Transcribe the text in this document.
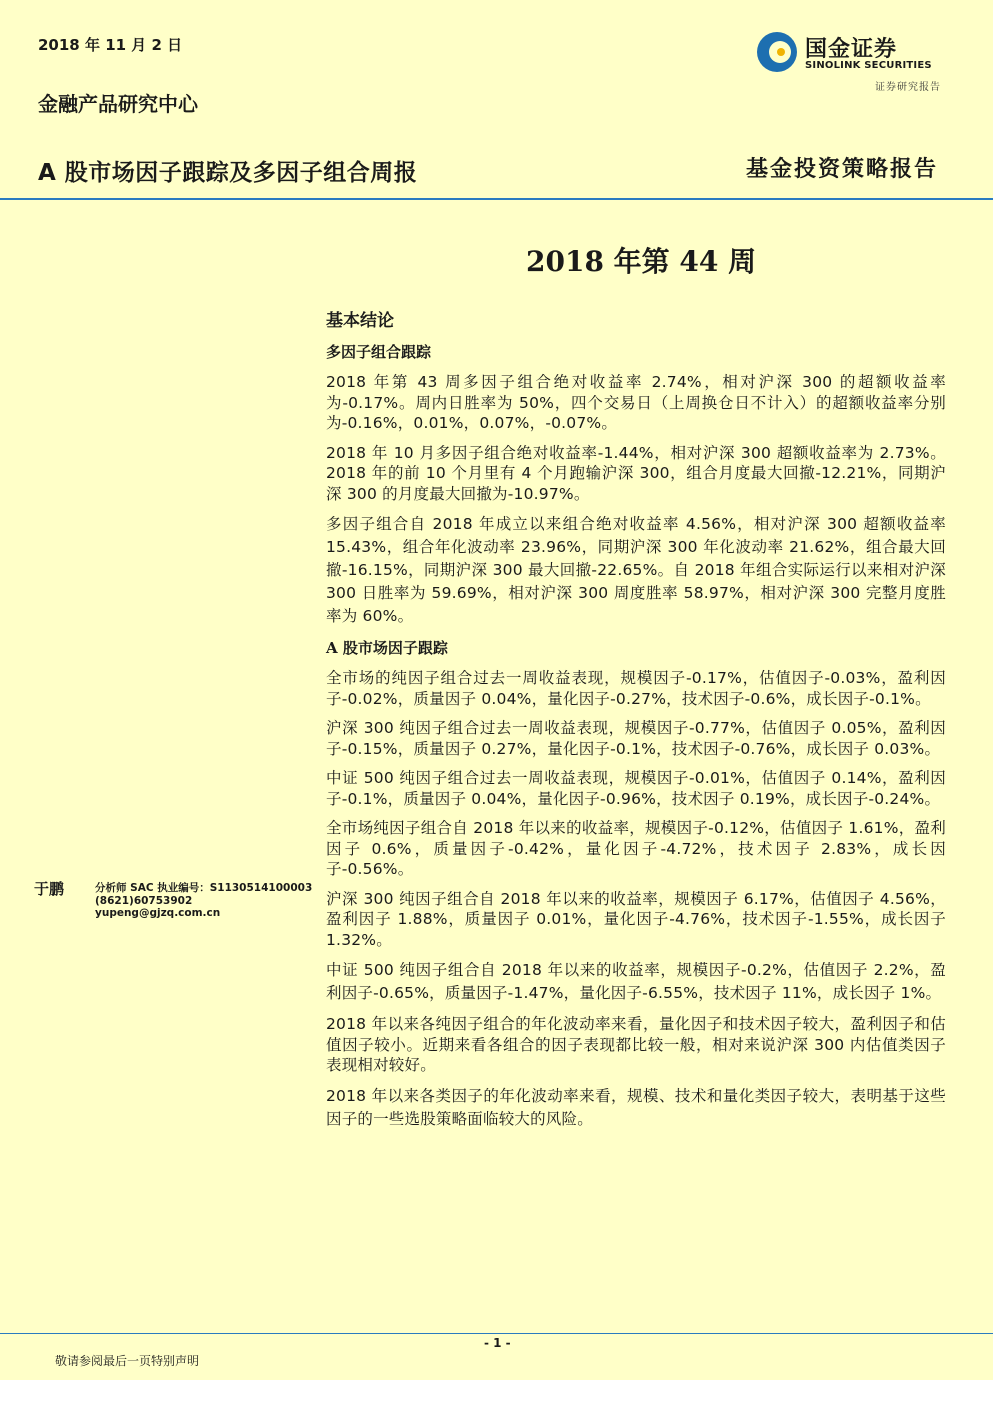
2018 年 11 月 2 日
金融产品研究中心
国金证券
SINOLINK SECURITIES
证券研究报告
A 股市场因子跟踪及多因子组合周报	基金投资策略报告
2018 年第 44 周
基本结论
多因子组合跟踪
2018 年第 43 周多因子组合绝对收益率 2.74%，相对沪深 300 的超额收益率为-0.17%。周内日胜率为 50%，四个交易日（上周换仓日不计入）的超额收益率分别为-0.16%，0.01%，0.07%，-0.07%。
2018 年 10 月多因子组合绝对收益率-1.44%，相对沪深 300 超额收益率为 2.73%。2018 年的前 10 个月里有 4 个月跑输沪深 300，组合月度最大回撤-12.21%，同期沪深 300 的月度最大回撤为-10.97%。
多因子组合自 2018 年成立以来组合绝对收益率 4.56%，相对沪深 300 超额收益率 15.43%，组合年化波动率 23.96%，同期沪深 300 年化波动率 21.62%，组合最大回撤-16.15%，同期沪深 300 最大回撤-22.65%。自 2018 年组合实际运行以来相对沪深 300 日胜率为 59.69%，相对沪深 300 周度胜率 58.97%，相对沪深 300 完整月度胜率为 60%。
A 股市场因子跟踪
全市场的纯因子组合过去一周收益表现，规模因子-0.17%，估值因子-0.03%，盈利因子-0.02%，质量因子 0.04%，量化因子-0.27%，技术因子-0.6%，成长因子-0.1%。
沪深 300 纯因子组合过去一周收益表现，规模因子-0.77%，估值因子 0.05%，盈利因子-0.15%，质量因子 0.27%，量化因子-0.1%，技术因子-0.76%，成长因子 0.03%。
中证 500 纯因子组合过去一周收益表现，规模因子-0.01%，估值因子 0.14%，盈利因子-0.1%，质量因子 0.04%，量化因子-0.96%，技术因子 0.19%，成长因子-0.24%。
全市场纯因子组合自 2018 年以来的收益率，规模因子-0.12%，估值因子 1.61%，盈利因子 0.6%，质量因子-0.42%，量化因子-4.72%，技术因子 2.83%，成长因子-0.56%。
沪深 300 纯因子组合自 2018 年以来的收益率，规模因子 6.17%，估值因子 4.56%，盈利因子 1.88%，质量因子 0.01%，量化因子-4.76%，技术因子-1.55%，成长因子 1.32%。
中证 500 纯因子组合自 2018 年以来的收益率，规模因子-0.2%，估值因子 2.2%，盈利因子-0.65%，质量因子-1.47%，量化因子-6.55%，技术因子 11%，成长因子 1%。
2018 年以来各纯因子组合的年化波动率来看，量化因子和技术因子较大，盈利因子和估值因子较小。近期来看各组合的因子表现都比较一般，相对来说沪深 300 内估值类因子表现相对较好。
2018 年以来各类因子的年化波动率来看，规模、技术和量化类因子较大，表明基于这些因子的一些选股策略面临较大的风险。
于鹏	分析师 SAC 执业编号：S1130514100003
(8621)60753902
yupeng@gjzq.com.cn
- 1 -
敬请参阅最后一页特别声明
